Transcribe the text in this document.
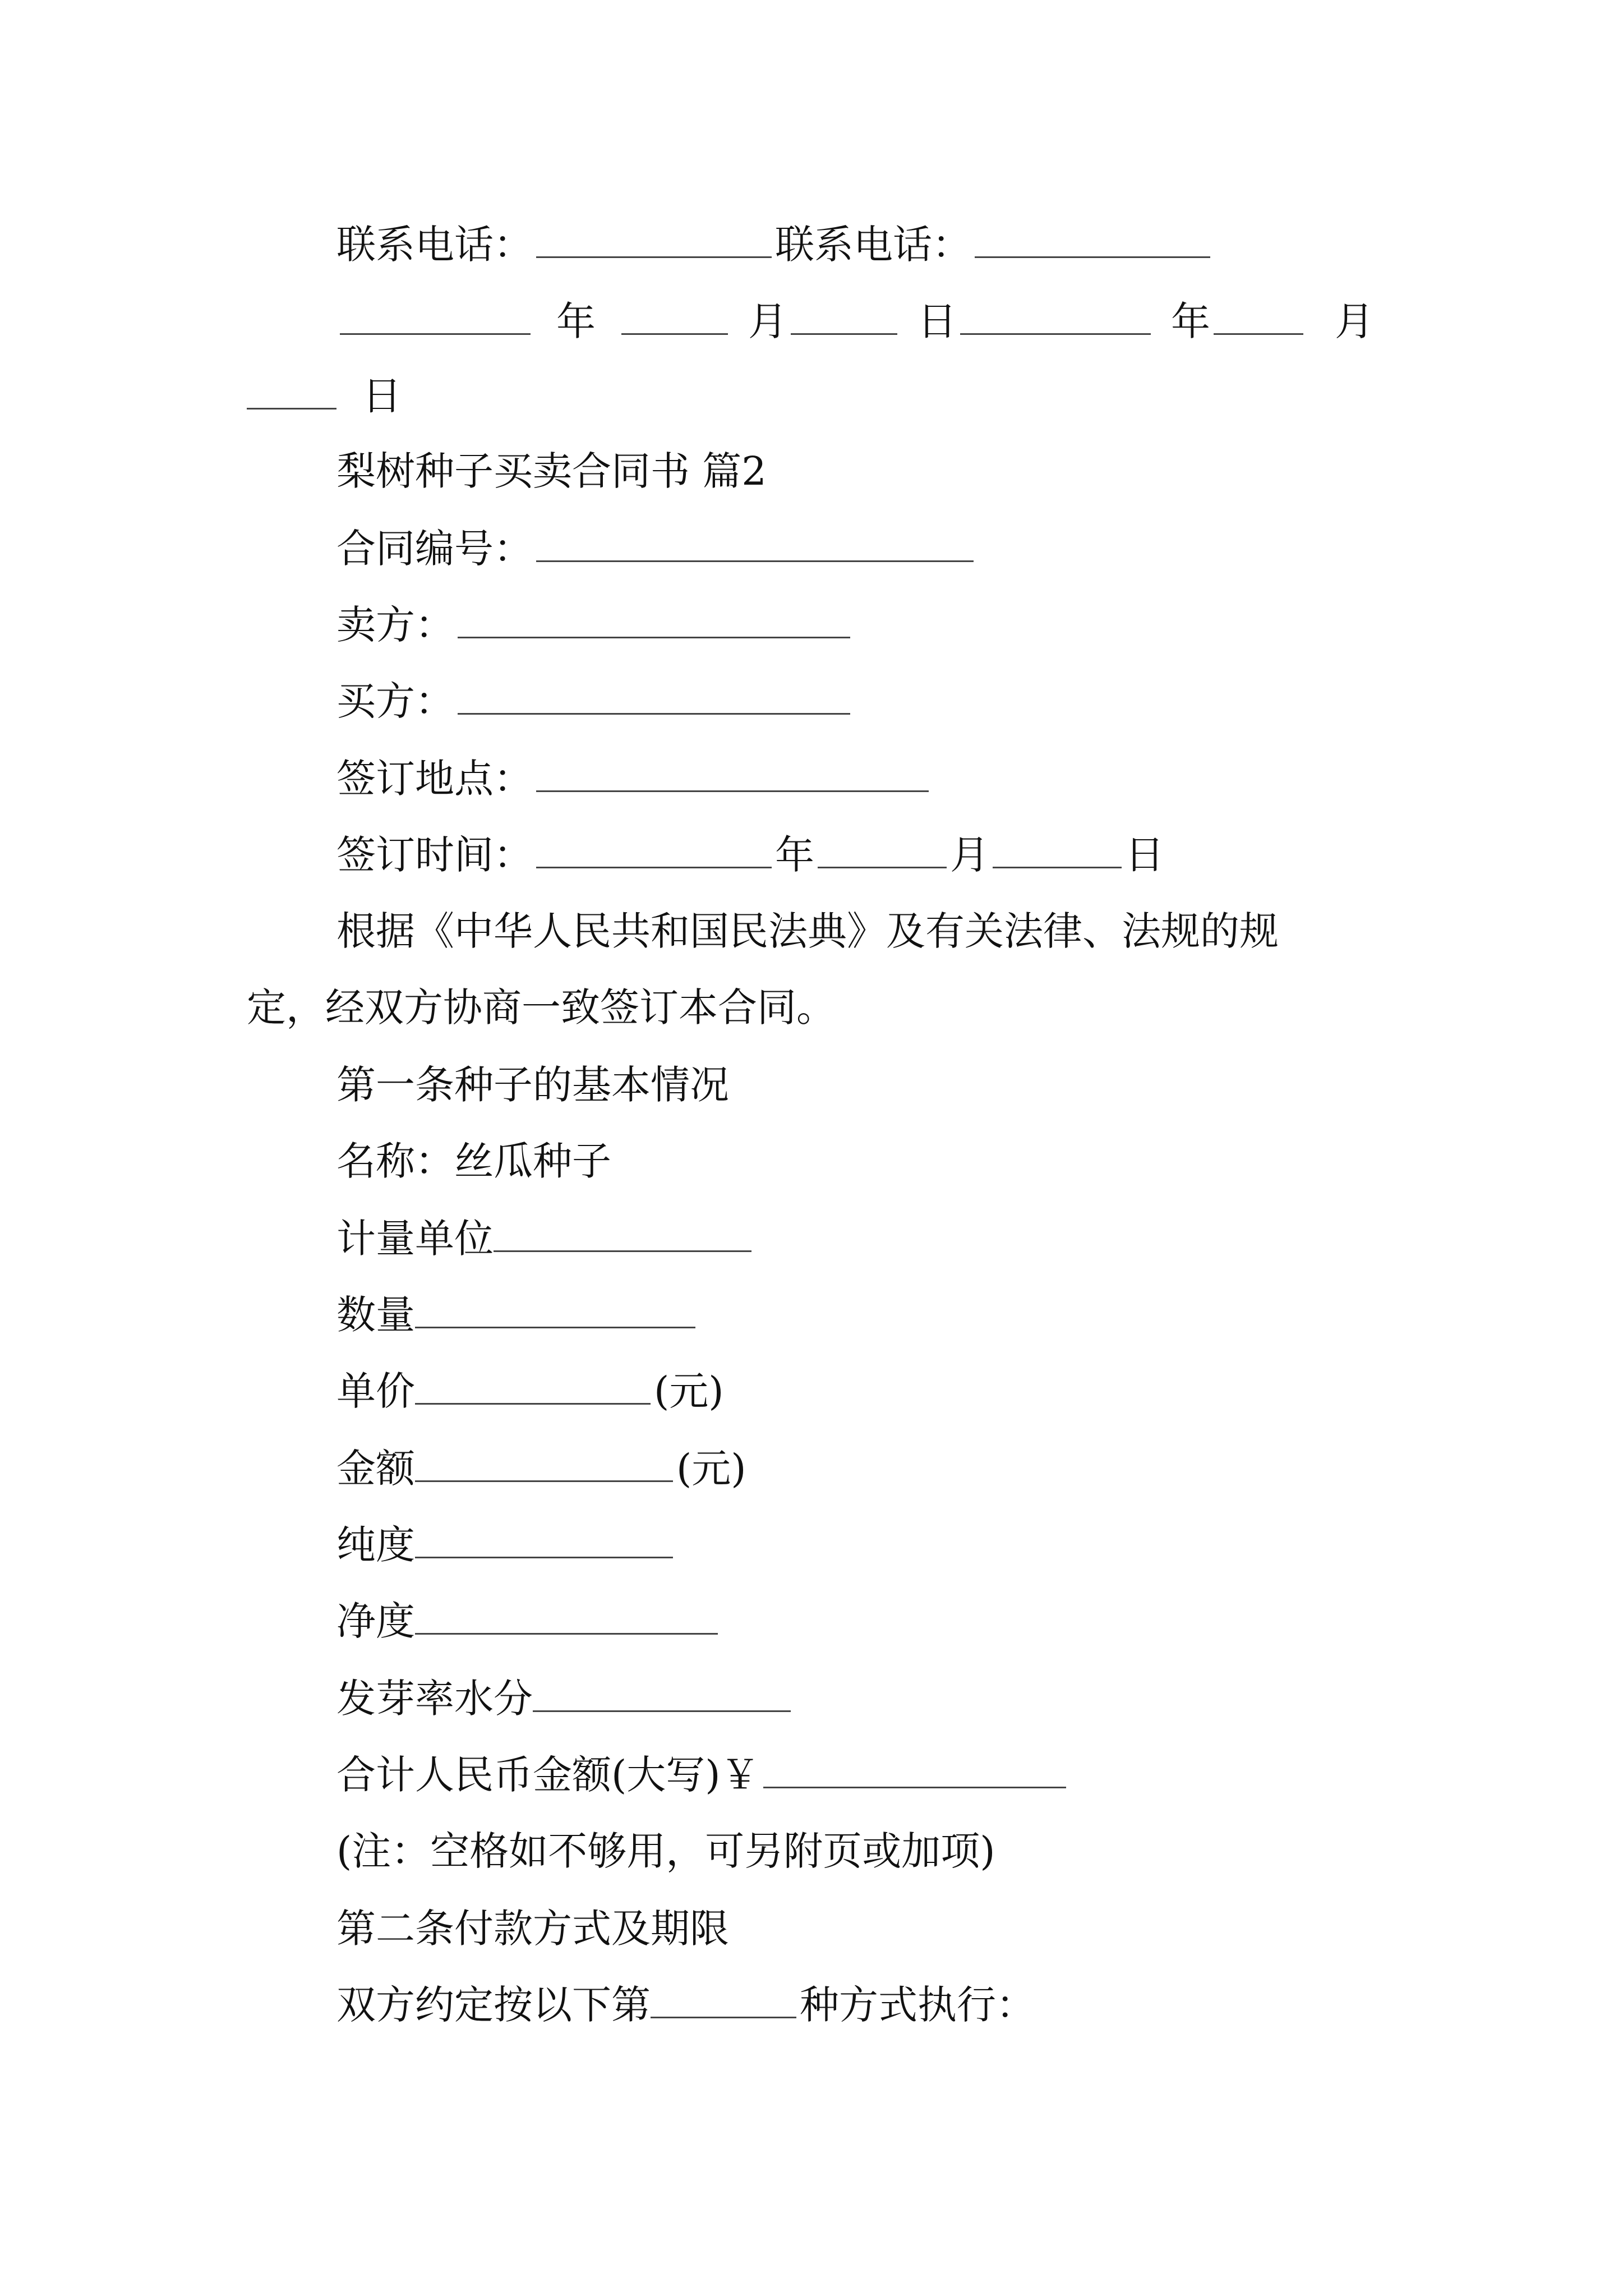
联系电话：	联系电话：
年	月	日	年	月
日
梨树种子买卖合同书 篇2
合同编号：
卖方：
买方：
签订地点：
签订时间：	年	月	日
根据《中华人民共和国民法典》及有关法律、法规的规
定，经双方协商一致签订本合同。
第一条种子的基本情况
名称：丝瓜种子
计量单位
数量
单价	(元)
金额	(元)
纯度
净度
发芽率水分
合计人民币金额(大写)￥
(注：空格如不够用，可另附页或加项)
第二条付款方式及期限
双方约定按以下第	种方式执行：
